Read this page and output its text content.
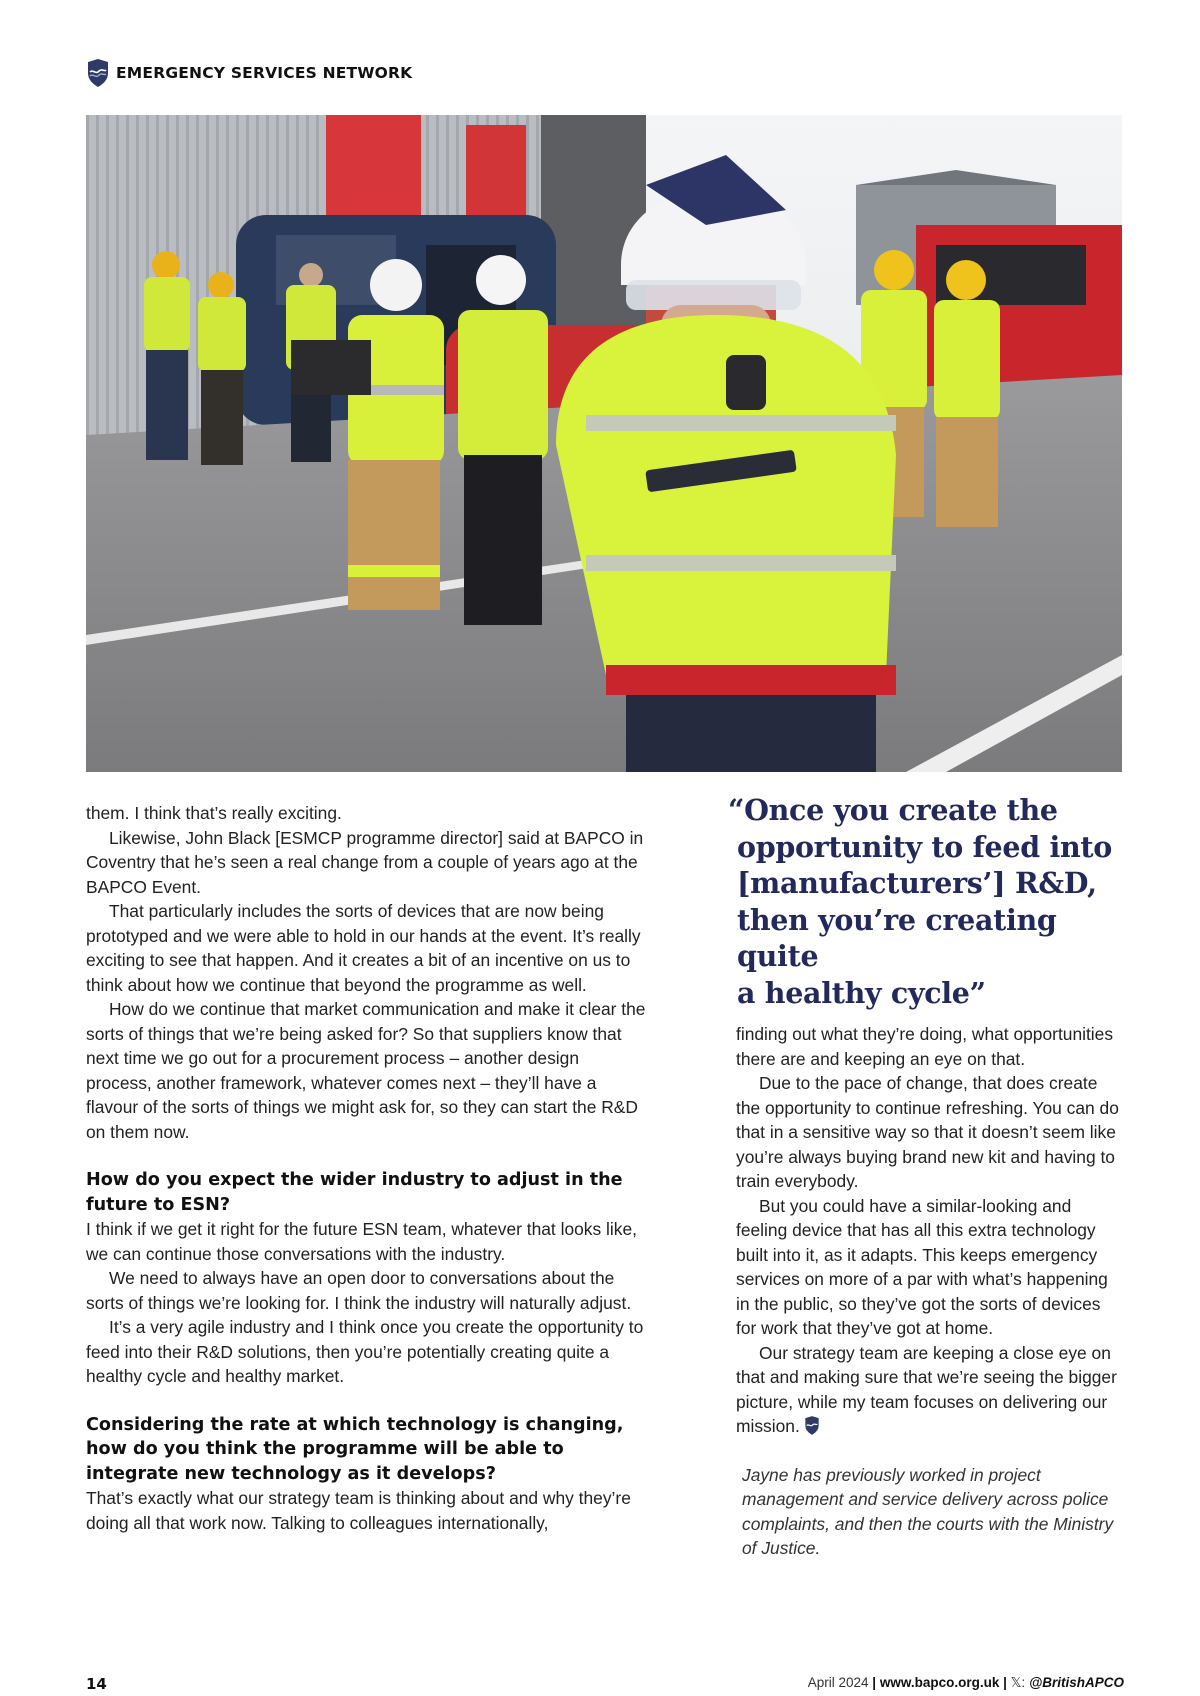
EMERGENCY SERVICES NETWORK

them. I think that’s really exciting.

Likewise, John Black [ESMCP programme director] said at BAPCO in Coventry that he’s seen a real change from a couple of years ago at the BAPCO Event.

That particularly includes the sorts of devices that are now being prototyped and we were able to hold in our hands at the event. It’s really exciting to see that happen. And it creates a bit of an incentive on us to think about how we continue that beyond the programme as well.

How do we continue that market communication and make it clear the sorts of things that we’re being asked for? So that suppliers know that next time we go out for a procurement process – another design process, another framework, whatever comes next – they’ll have a flavour of the sorts of things we might ask for, so they can start the R&D on them now.

How do you expect the wider industry to adjust in the future to ESN?

I think if we get it right for the future ESN team, whatever that looks like, we can continue those conversations with the industry.

We need to always have an open door to conversations about the sorts of things we’re looking for. I think the industry will naturally adjust.

It’s a very agile industry and I think once you create the opportunity to feed into their R&D solutions, then you’re potentially creating quite a healthy cycle and healthy market.

Considering the rate at which technology is changing, how do you think the programme will be able to integrate new technology as it develops?

That’s exactly what our strategy team is thinking about and why they’re doing all that work now. Talking to colleagues internationally,

“Once you create the
opportunity to feed into
[manufacturers’] R&D,
then you’re creating quite
a healthy cycle”

finding out what they’re doing, what opportunities there are and keeping an eye on that.

Due to the pace of change, that does create the opportunity to continue refreshing. You can do that in a sensitive way so that it doesn’t seem like you’re always buying brand new kit and having to train everybody.

But you could have a similar-looking and feeling device that has all this extra technology built into it, as it adapts. This keeps emergency services on more of a par with what’s happening in the public, so they’ve got the sorts of devices for work that they’ve got at home.

Our strategy team are keeping a close eye on that and making sure that we’re seeing the bigger picture, while my team focuses on delivering our mission.

Jayne has previously worked in project management and service delivery across police complaints, and then the courts with the Ministry of Justice.

14	April 2024 | www.bapco.org.uk | 𝕏: @BritishAPCO
